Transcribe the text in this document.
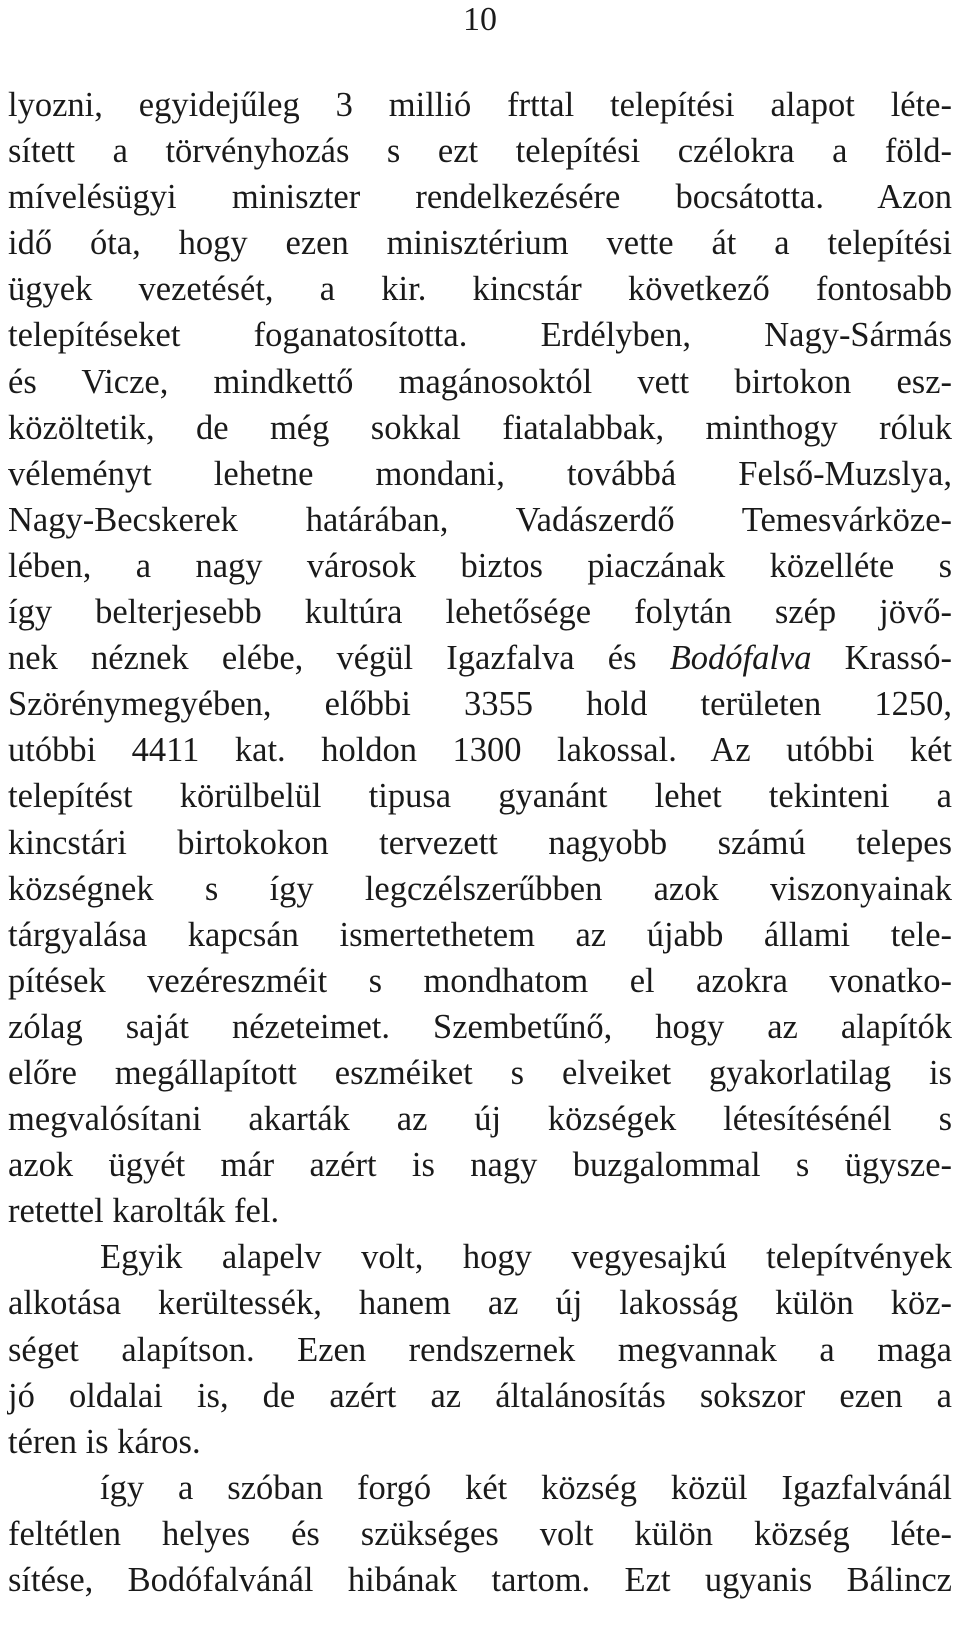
10
lyozni, egyidejűleg 3 millió frttal telepítési alapot léte-
sített a törvényhozás s ezt telepítési czélokra a föld-
mívelésügyi miniszter rendelkezésére bocsátotta. Azon
idő óta, hogy ezen minisztérium vette át a telepítési
ügyek vezetését, a kir. kincstár következő fontosabb
telepítéseket foganatosította. Erdélyben, Nagy-Sármás
és Vicze, mindkettő magánosoktól vett birtokon esz-
közöltetik, de még sokkal fiatalabbak, minthogy róluk
véleményt lehetne mondani, továbbá Felső-Muzslya,
Nagy-Becskerek határában, Vadászerdő Temesvárköze-
lében, a nagy városok biztos piaczának közelléte s
így belterjesebb kultúra lehetősége folytán szép jövő-
nek néznek elébe, végül Igazfalva és Bodófalva Krassó-
Szörénymegyében, előbbi 3355 hold területen 1250,
utóbbi 4411 kat. holdon 1300 lakossal. Az utóbbi két
telepítést körülbelül tipusa gyanánt lehet tekinteni a
kincstári birtokokon tervezett nagyobb számú telepes
községnek s így legczélszerűbben azok viszonyainak
tárgyalása kapcsán ismertethetem az újabb állami tele-
pítések vezéreszméit s mondhatom el azokra vonatko-
zólag saját nézeteimet. Szembetűnő, hogy az alapítók
előre megállapított eszméiket s elveiket gyakorlatilag is
megvalósítani akarták az új községek létesítésénél s
azok ügyét már azért is nagy buzgalommal s ügysze-
retettel karolták fel.
Egyik alapelv volt, hogy vegyesajkú telepítvények
alkotása kerültessék, hanem az új lakosság külön köz-
séget alapítson. Ezen rendszernek megvannak a maga
jó oldalai is, de azért az általánosítás sokszor ezen a
téren is káros.
így a szóban forgó két község közül Igazfalvánál
feltétlen helyes és szükséges volt külön község léte-
sítése, Bodófalvánál hibának tartom. Ezt ugyanis Bálincz
